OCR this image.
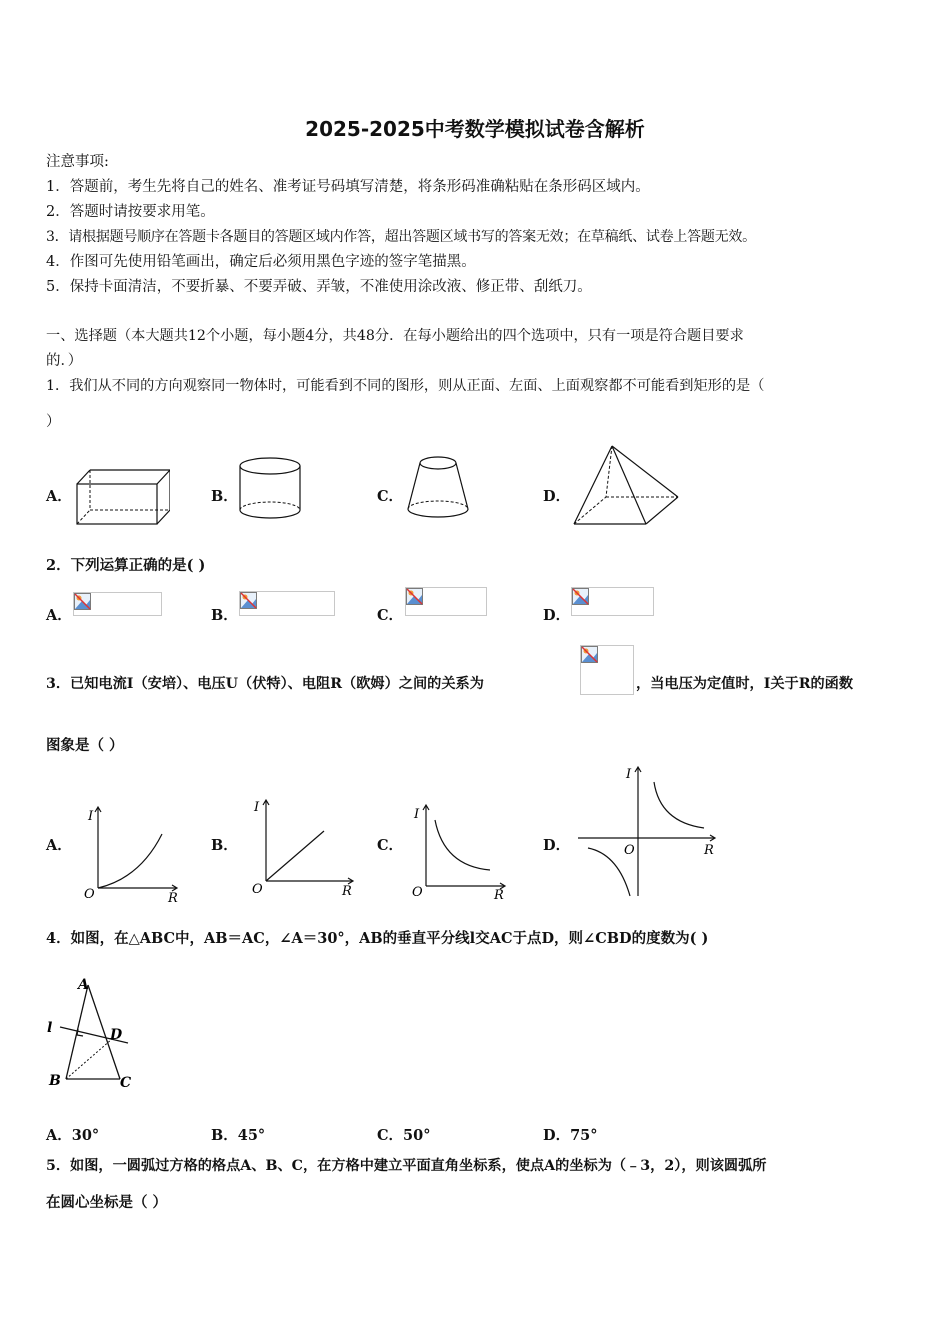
2025-2025中考数学模拟试卷含解析
注意事项:
1．答题前，考生先将自己的姓名、准考证号码填写清楚，将条形码准确粘贴在条形码区域内。
2．答题时请按要求用笔。
3．请根据题号顺序在答题卡各题目的答题区域内作答，超出答题区域书写的答案无效；在草稿纸、试卷上答题无效。
4．作图可先使用铅笔画出，确定后必须用黑色字迹的签字笔描黑。
5．保持卡面清洁，不要折暴、不要弄破、弄皱，不准使用涂改液、修正带、刮纸刀。
一、选择题（本大题共12个小题，每小题4分，共48分．在每小题给出的四个选项中，只有一项是符合题目要求
的．）
1．我们从不同的方向观察同一物体时，可能看到不同的图形，则从正面、左面、上面观察都不可能看到矩形的是（
）
A．	B．	C．	D．
2．下列运算正确的是( )
A．	B．	C．	D．
3．已知电流I（安培）、电压U（伏特）、电阻R（欧姆）之间的关系为	，当电压为定值时，I关于R的函数
图象是（ ）
A．	B．	C．	D．
I
O	R
I
O	R
I
O	R
I
O	R
4．如图，在△ABC中，AB＝AC，∠A＝30°，AB的垂直平分线l交AC于点D，则∠CBD的度数为( )
A
l	D
B	C
A．30°	B．45°	C．50°	D．75°
5．如图，一圆弧过方格的格点A、B、C，在方格中建立平面直角坐标系，使点A的坐标为（﹣3，2），则该圆弧所
在圆心坐标是（ ）
